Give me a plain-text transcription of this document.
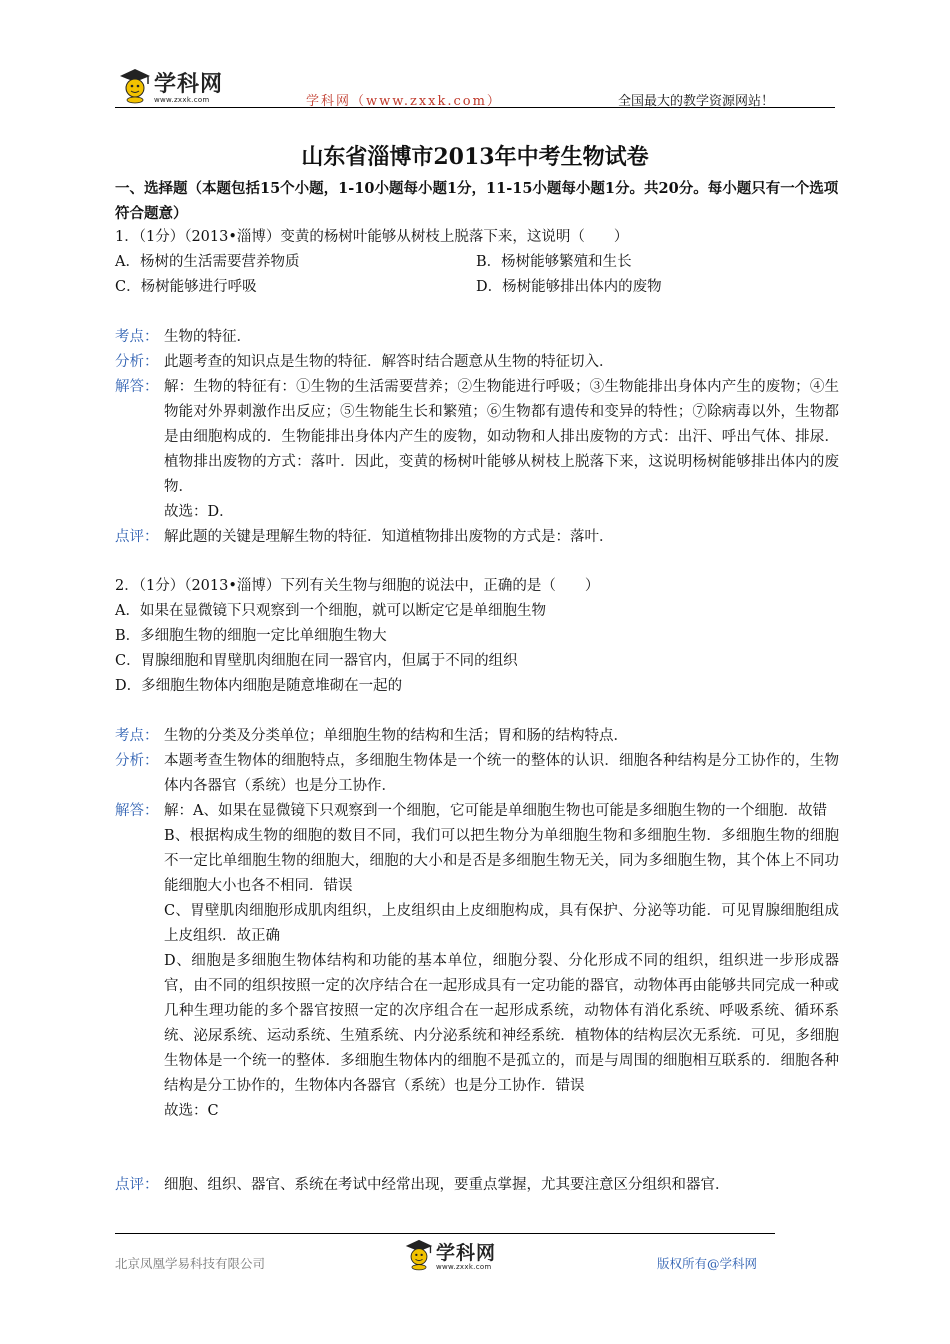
学科网
www.zxxk.com	学科网（www.zxxk.com）	全国最大的教学资源网站！
山东省淄博市2013年中考生物试卷
一、选择题（本题包括15个小题，1-10小题每小题1分，11-15小题每小题1分。共20分。每小题只有一个选项符合题意）
1．（1分）（2013•淄博）变黄的杨树叶能够从树枝上脱落下来，这说明（　　）
A．杨树的生活需要营养物质	B．杨树能够繁殖和生长
C．杨树能够进行呼吸	D．杨树能够排出体内的废物
考点： 生物的特征．
分析： 此题考查的知识点是生物的特征．解答时结合题意从生物的特征切入．
解答： 解：生物的特征有：①生物的生活需要营养；②生物能进行呼吸；③生物能排出身体内产生的废物；④生物能对外界刺激作出反应；⑤生物能生长和繁殖；⑥生物都有遗传和变异的特性；⑦除病毒以外，生物都是由细胞构成的．生物能排出身体内产生的废物，如动物和人排出废物的方式：出汗、呼出气体、排尿．植物排出废物的方式：落叶．因此，变黄的杨树叶能够从树枝上脱落下来，这说明杨树能够排出体内的废物．

故选：D．

点评： 解此题的关键是理解生物的特征．知道植物排出废物的方式是：落叶．
2．（1分）（2013•淄博）下列有关生物与细胞的说法中，正确的是（　　）
A．如果在显微镜下只观察到一个细胞，就可以断定它是单细胞生物
B．多细胞生物的细胞一定比单细胞生物大
C．胃腺细胞和胃壁肌肉细胞在同一器官内，但属于不同的组织
D．多细胞生物体内细胞是随意堆砌在一起的
考点： 生物的分类及分类单位；单细胞生物的结构和生活；胃和肠的结构特点．
分析： 本题考查生物体的细胞特点，多细胞生物体是一个统一的整体的认识．细胞各种结构是分工协作的，生物体内各器官（系统）也是分工协作．
解答： 解：A、如果在显微镜下只观察到一个细胞，它可能是单细胞生物也可能是多细胞生物的一个细胞．故错

B、根据构成生物的细胞的数目不同，我们可以把生物分为单细胞生物和多细胞生物．多细胞生物的细胞不一定比单细胞生物的细胞大，细胞的大小和是否是多细胞生物无关，同为多细胞生物，其个体上不同功能细胞大小也各不相同．错误

C、胃壁肌肉细胞形成肌肉组织，上皮组织由上皮细胞构成，具有保护、分泌等功能．可见胃腺细胞组成上皮组织．故正确

D、细胞是多细胞生物体结构和功能的基本单位，细胞分裂、分化形成不同的组织，组织进一步形成器官，由不同的组织按照一定的次序结合在一起形成具有一定功能的器官，动物体再由能够共同完成一种或几种生理功能的多个器官按照一定的次序组合在一起形成系统，动物体有消化系统、呼吸系统、循环系统、泌尿系统、运动系统、生殖系统、内分泌系统和神经系统．植物体的结构层次无系统．可见，多细胞生物体是一个统一的整体．多细胞生物体内的细胞不是孤立的，而是与周围的细胞相互联系的．细胞各种结构是分工协作的，生物体内各器官（系统）也是分工协作．错误

故选：C

点评： 细胞、组织、器官、系统在考试中经常出现，要重点掌握，尤其要注意区分组织和器官．
北京凤凰学易科技有限公司	学科网
www.zxxk.com	版权所有@学科网
